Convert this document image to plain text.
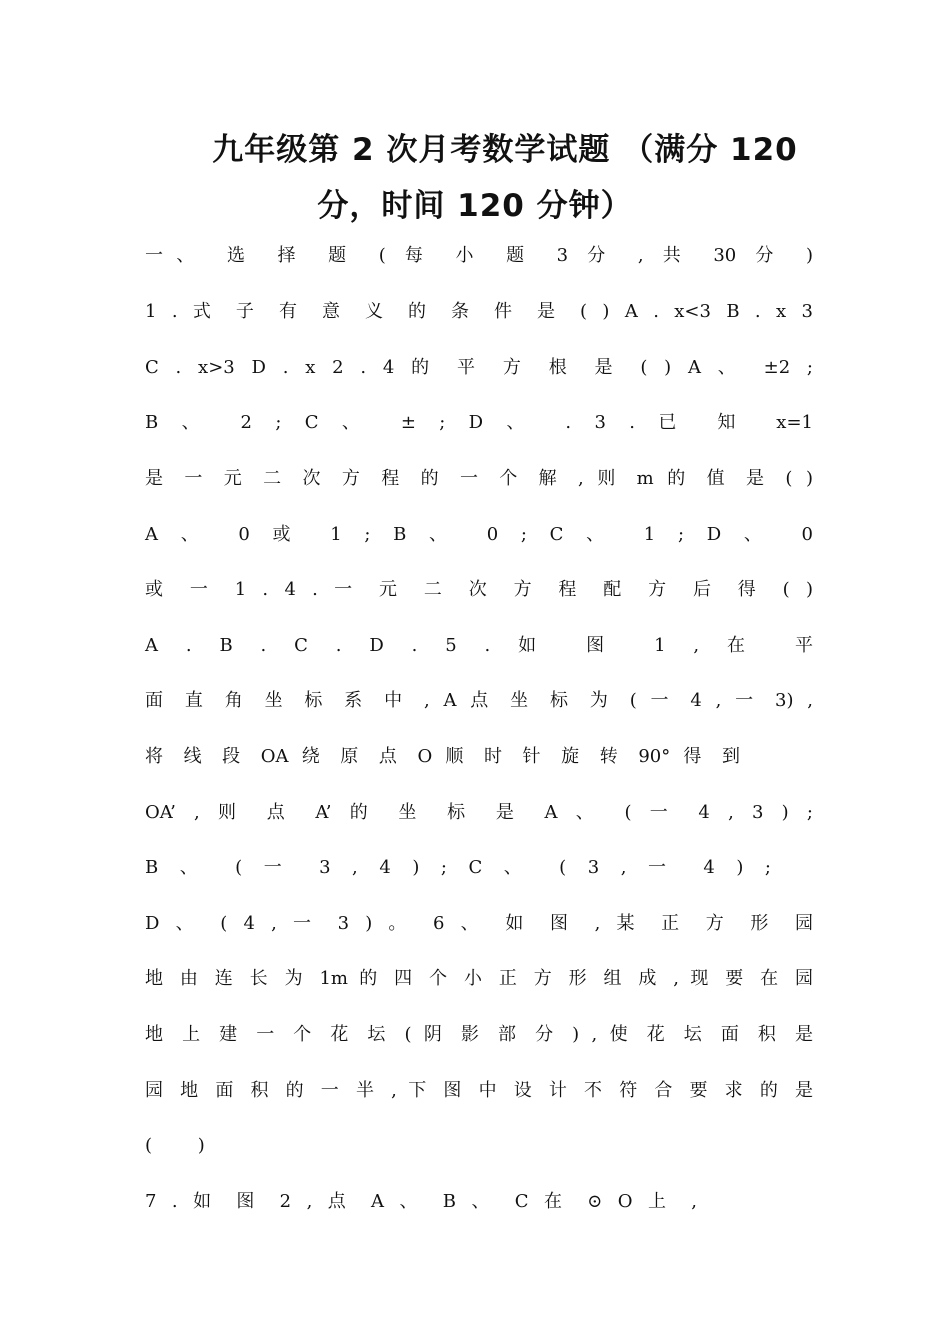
九年级第 2 次月考数学试题 （满分 120
分，时间 120 分钟）
一、 选 择 题 ( 每 小 题 3 分 , 共 30 分 )
1 . 式 子 有 意 义 的 条 件 是 ( ) A . x<3 B . x 3
C . x>3 D . x 2 . 4 的 平 方 根 是 ( ) A 、 ±2 ;
B 、 2 ; C 、 ± ; D 、 . 3 . 已 知 x=1
是 一 元 二 次 方 程 的 一 个 解 , 则 m 的 值 是 ( )
A 、 0 或 1 ; B 、 0 ; C 、 1 ; D 、 0
或 一 1 . 4 . 一 元 二 次 方 程 配 方 后 得 ( )
A . B . C . D . 5 . 如 图 1 , 在 平
面 直 角 坐 标 系 中 , A 点 坐 标 为 ( 一 4 , 一 3) ,
将 线 段 OA 绕 原 点 O 顺 时 针 旋 转 90° 得 到
OA’ , 则 点 A’ 的 坐 标 是 A 、 ( 一 4 , 3 ) ;
B 、 ( 一 3 , 4 ) ; C 、 ( 3 , 一 4 ) ;
D 、 ( 4 , 一 3 ) 。 6 、 如 图 , 某 正 方 形 园
地 由 连 长 为 1m 的 四 个 小 正 方 形 组 成 , 现 要 在 园
地 上 建 一 个 花 坛 ( 阴 影 部 分 ) , 使 花 坛 面 积 是
园 地 面 积 的 一 半 , 下 图 中 设 计 不 符 合 要 求 的 是
( )
7 . 如 图 2 , 点 A 、 B 、 C 在 ⊙ O 上 ,
